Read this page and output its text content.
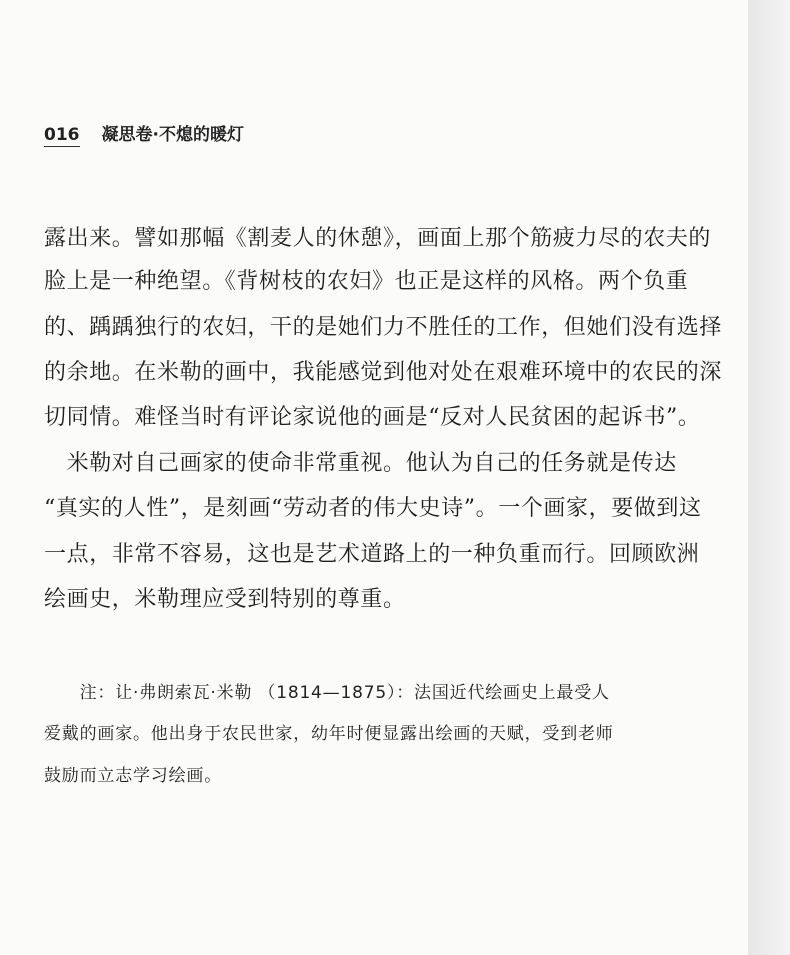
016 凝思卷·不熄的暖灯
露出来。譬如那幅《割麦人的休憩》，画面上那个筋疲力尽的农夫的
脸上是一种绝望。《背树枝的农妇》也正是这样的风格。两个负重
的、踽踽独行的农妇，干的是她们力不胜任的工作，但她们没有选择
的余地。在米勒的画中，我能感觉到他对处在艰难环境中的农民的深
切同情。难怪当时有评论家说他的画是“反对人民贫困的起诉书”。
　米勒对自己画家的使命非常重视。他认为自己的任务就是传达
“真实的人性”，是刻画“劳动者的伟大史诗”。一个画家，要做到这
一点，非常不容易，这也是艺术道路上的一种负重而行。回顾欧洲
绘画史，米勒理应受到特别的尊重。
　　注：让·弗朗索瓦·米勒 （1814—1875）：法国近代绘画史上最受人
爱戴的画家。他出身于农民世家，幼年时便显露出绘画的天赋，受到老师
鼓励而立志学习绘画。
